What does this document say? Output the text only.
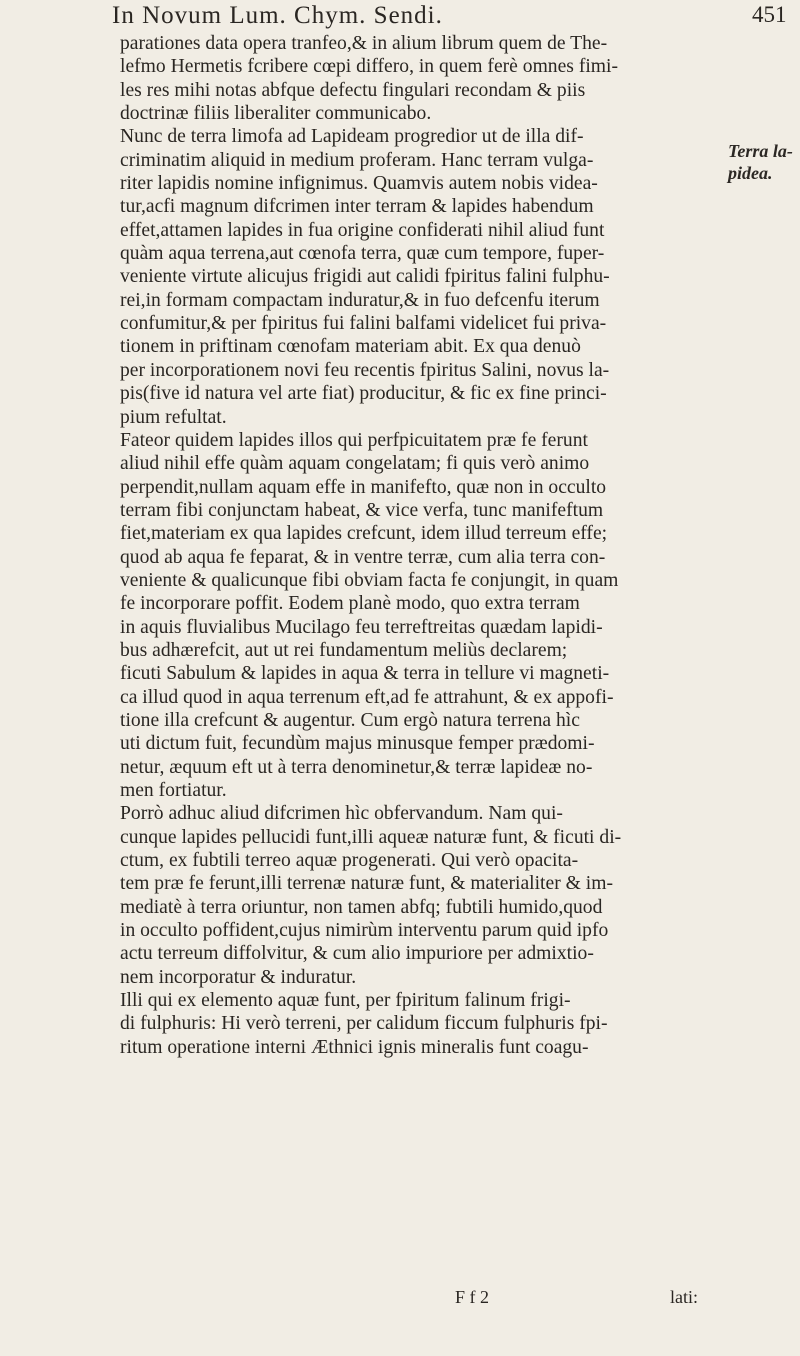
In Novum Lum. Chym. Sendi.	451
Terra la-
pidea.
parationes data opera tranfeo,& in alium librum quem de The-
lefmo Hermetis fcribere cœpi differo, in quem ferè omnes fimi-
les res mihi notas abfque defectu fingulari recondam & piis
doctrinæ filiis liberaliter communicabo.
Nunc de terra limofa ad Lapideam progredior ut de illa dif-
criminatim aliquid in medium proferam. Hanc terram vulga-
riter lapidis nomine infignimus. Quamvis autem nobis videa-
tur,acfi magnum difcrimen inter terram & lapides habendum
effet,attamen lapides in fua origine confiderati nihil aliud funt
quàm aqua terrena,aut cœnofa terra, quæ cum tempore, fuper-
veniente virtute alicujus frigidi aut calidi fpiritus falini fulphu-
rei,in formam compactam induratur,& in fuo defcenfu iterum
confumitur,& per fpiritus fui falini balfami videlicet fui priva-
tionem in priftinam cœnofam materiam abit. Ex qua denuò
per incorporationem novi feu recentis fpiritus Salini, novus la-
pis(five id natura vel arte fiat) producitur, & fic ex fine princi-
pium refultat.
Fateor quidem lapides illos qui perfpicuitatem præ fe ferunt
aliud nihil effe quàm aquam congelatam; fi quis verò animo
perpendit,nullam aquam effe in manifefto, quæ non in occulto
terram fibi conjunctam habeat, & vice verfa, tunc manifeftum
fiet,materiam ex qua lapides crefcunt, idem illud terreum effe;
quod ab aqua fe feparat, & in ventre terræ, cum alia terra con-
veniente & qualicunque fibi obviam facta fe conjungit, in quam
fe incorporare poffit. Eodem planè modo, quo extra terram
in aquis fluvialibus Mucilago feu terreftreitas quædam lapidi-
bus adhærefcit, aut ut rei fundamentum meliùs declarem;
ficuti Sabulum & lapides in aqua & terra in tellure vi magneti-
ca illud quod in aqua terrenum eft,ad fe attrahunt, & ex appofi-
tione illa crefcunt & augentur. Cum ergò natura terrena hìc
uti dictum fuit, fecundùm majus minusque femper prædomi-
netur, æquum eft ut à terra denominetur,& terræ lapideæ no-
men fortiatur.
Porrò adhuc aliud difcrimen hìc obfervandum. Nam qui-
cunque lapides pellucidi funt,illi aqueæ naturæ funt, & ficuti di-
ctum, ex fubtili terreo aquæ progenerati. Qui verò opacita-
tem præ fe ferunt,illi terrenæ naturæ funt, & materialiter & im-
mediatè à terra oriuntur, non tamen abfq; fubtili humido,quod
in occulto poffident,cujus nimirùm interventu parum quid ipfo
actu terreum diffolvitur, & cum alio impuriore per admixtio-
nem incorporatur & induratur.
Illi qui ex elemento aquæ funt, per fpiritum falinum frigi-
di fulphuris: Hi verò terreni, per calidum ficcum fulphuris fpi-
ritum operatione interni Æthnici ignis mineralis funt coagu-
F f 2	lati:
